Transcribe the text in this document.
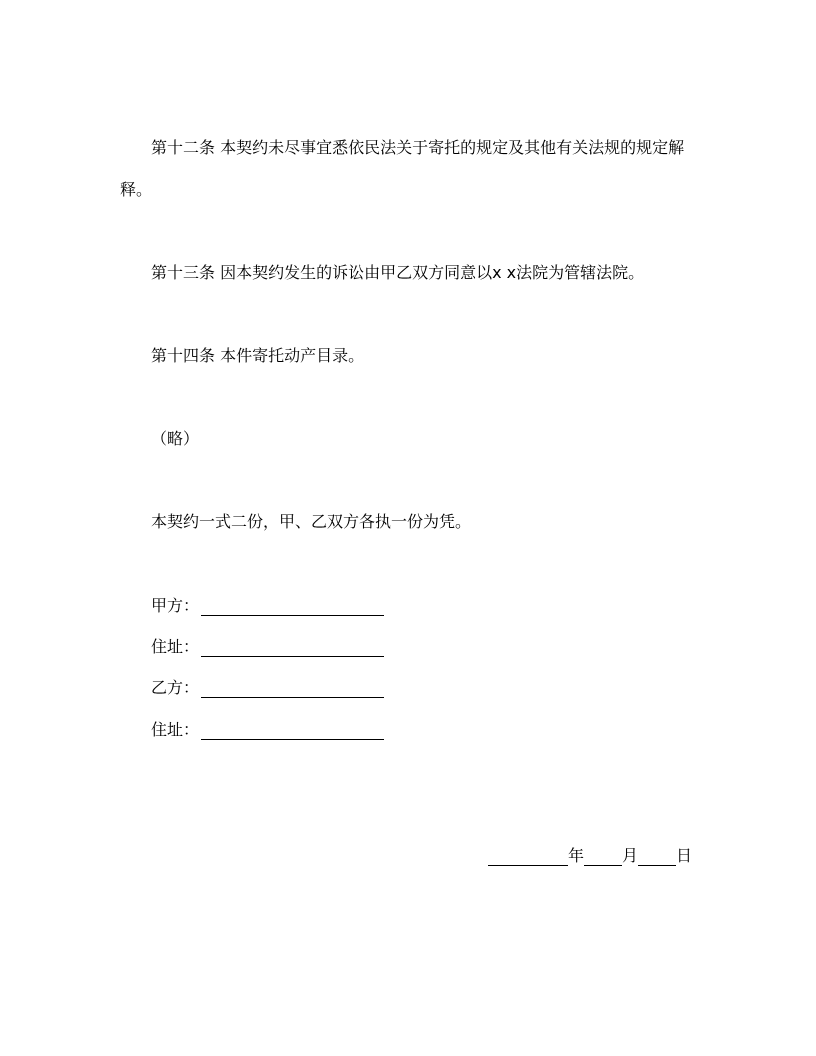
第十二条 本契约未尽事宜悉依民法关于寄托的规定及其他有关法规的规定解
释。
第十三条 因本契约发生的诉讼由甲乙双方同意以x x法院为管辖法院。
第十四条 本件寄托动产目录。
（略）
本契约一式二份，甲、乙双方各执一份为凭。
甲方：
住址：
乙方：
住址：
年 月 日
